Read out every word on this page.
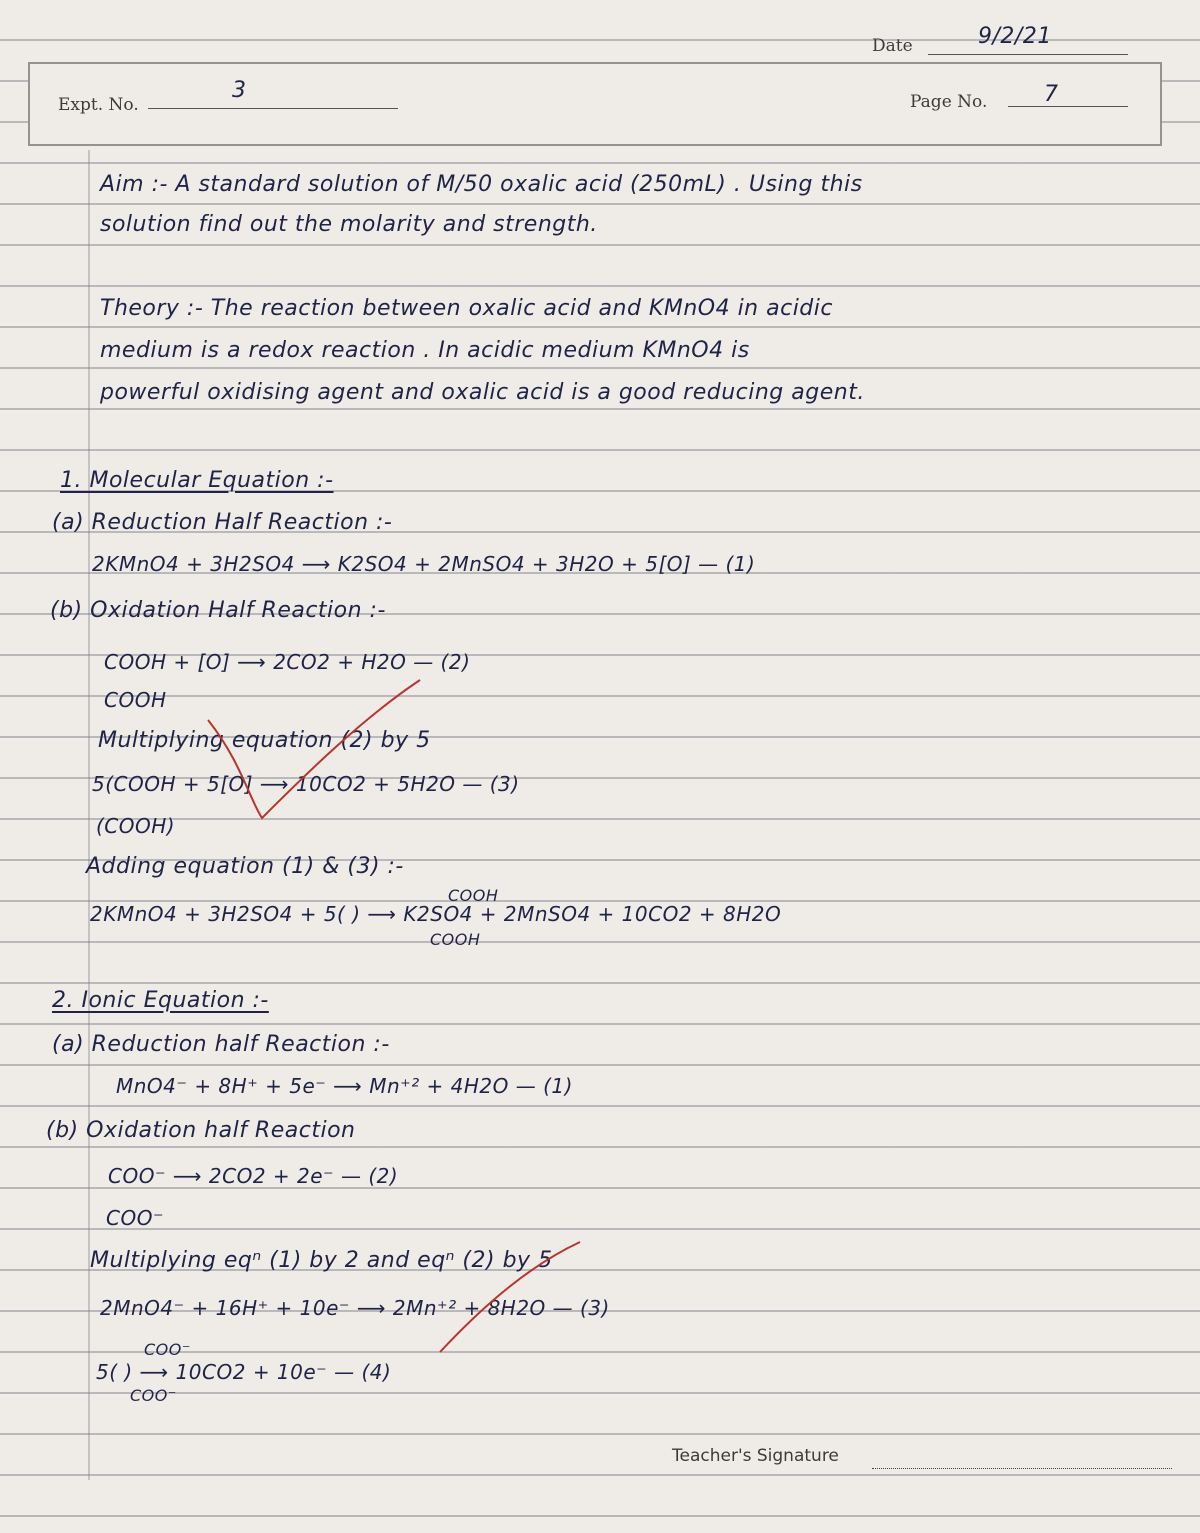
Date	9/2/21
Expt. No.
3	Page No.	7
Aim :- A standard solution of M/50 oxalic acid (250mL) . Using this
solution find out the molarity and strength.
Theory :- The reaction between oxalic acid and KMnO4 in acidic
medium is a redox reaction . In acidic medium KMnO4 is
powerful oxidising agent and oxalic acid is a good reducing agent.
1. Molecular Equation :-
(a) Reduction Half Reaction :-
2KMnO4 + 3H2SO4 ⟶ K2SO4 + 2MnSO4 + 3H2O + 5[O] — (1)
(b) Oxidation Half Reaction :-
COOH + [O] ⟶ 2CO2 + H2O — (2)
COOH
Multiplying equation (2) by 5
5(COOH + 5[O] ⟶ 10CO2 + 5H2O — (3)
(COOH)
Adding equation (1) & (3) :-
COOH
2KMnO4 + 3H2SO4 + 5( ) ⟶ K2SO4 + 2MnSO4 + 10CO2 + 8H2O
COOH
2. Ionic Equation :-
(a) Reduction half Reaction :-
MnO4⁻ + 8H⁺ + 5e⁻ ⟶ Mn⁺² + 4H2O — (1)
(b) Oxidation half Reaction
COO⁻ ⟶ 2CO2 + 2e⁻ — (2)
COO⁻
Multiplying eqⁿ (1) by 2 and eqⁿ (2) by 5
2MnO4⁻ + 16H⁺ + 10e⁻ ⟶ 2Mn⁺² + 8H2O — (3)
COO⁻
5( ) ⟶ 10CO2 + 10e⁻ — (4)
COO⁻
Teacher's Signature
